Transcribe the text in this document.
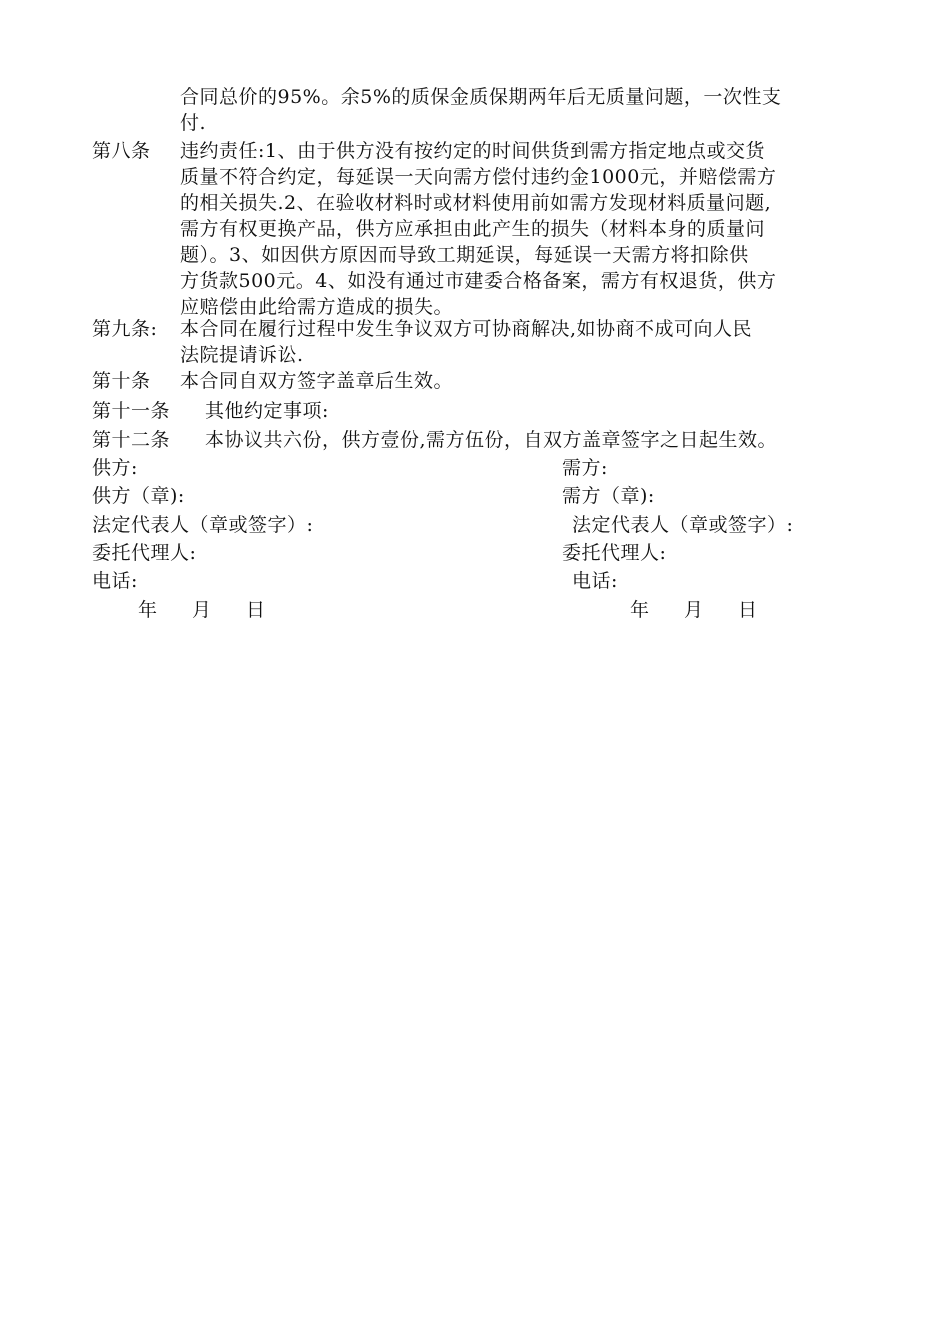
合同总价的95%。余5%的质保金质保期两年后无质量问题，一次性支
付.
第八条 违约责任:1、由于供方没有按约定的时间供货到需方指定地点或交货
质量不符合约定，每延误一天向需方偿付违约金1000元，并赔偿需方
的相关损失.2、在验收材料时或材料使用前如需方发现材料质量问题,
需方有权更换产品，供方应承担由此产生的损失（材料本身的质量问
题）。3、如因供方原因而导致工期延误，每延误一天需方将扣除供
方货款500元。4、如没有通过市建委合格备案，需方有权退货，供方
应赔偿由此给需方造成的损失。
第九条: 本合同在履行过程中发生争议双方可协商解决,如协商不成可向人民
法院提请诉讼.
第十条 本合同自双方签字盖章后生效。
第十一条 其他约定事项:
第十二条 本协议共六份，供方壹份,需方伍份，自双方盖章签字之日起生效。
供方:
供方（章):
法定代表人（章或签字）:
委托代理人:
电话:
年 月 日
需方:
需方（章):
法定代表人（章或签字）:
委托代理人:
电话:
年 月 日
